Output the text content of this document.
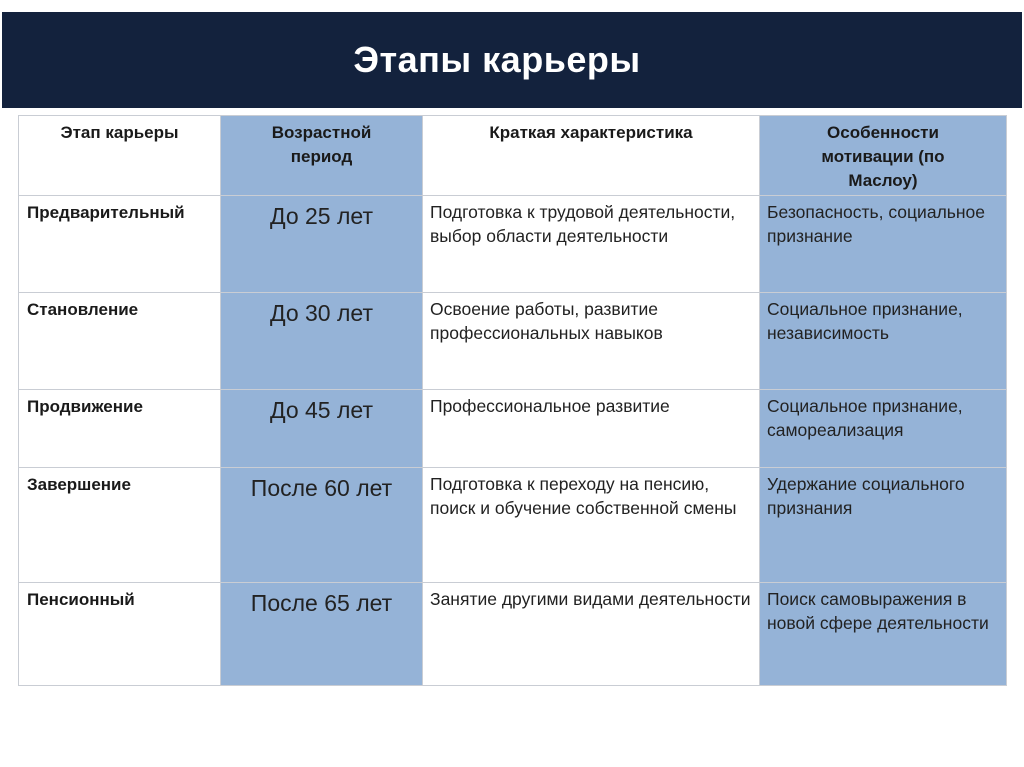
Этапы карьеры
Этап карьеры	Возрастной период	Краткая характеристика	Особенности мотивации (по Маслоу)

Предварительный	До 25 лет	Подготовка к трудовой деятельности, выбор области деятельности	Безопасность, социальное признание
Становление	До 30 лет	Освоение работы, развитие профессиональных навыков	Социальное признание, независимость
Продвижение	До 45 лет	Профессиональное развитие	Социальное признание, самореализация
Завершение	После 60 лет	Подготовка к переходу на пенсию, поиск и обучение собственной смены	Удержание социального признания
Пенсионный	После 65 лет	Занятие другими видами деятельности	Поиск самовыражения в новой сфере деятельности
